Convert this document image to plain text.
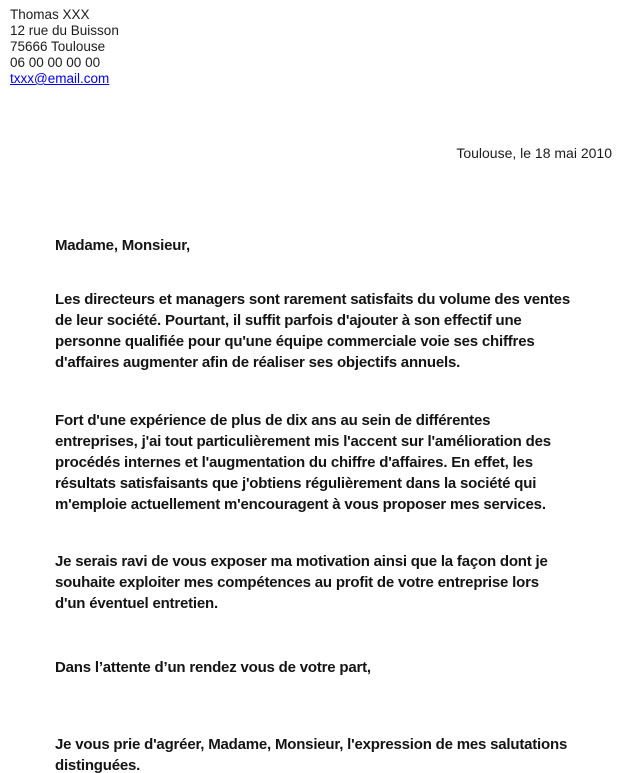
Thomas XXX
12 rue du Buisson
75666 Toulouse
06 00 00 00 00
txxx@email.com
Toulouse, le 18 mai 2010
Madame, Monsieur,
Les directeurs et managers sont rarement satisfaits du volume des ventes
de leur société. Pourtant, il suffit parfois d'ajouter à son effectif une
personne qualifiée pour qu'une équipe commerciale voie ses chiffres
d'affaires augmenter afin de réaliser ses objectifs annuels.
Fort d'une expérience de plus de dix ans au sein de différentes
entreprises, j'ai tout particulièrement mis l'accent sur l'amélioration des
procédés internes et l'augmentation du chiffre d'affaires. En effet, les
résultats satisfaisants que j'obtiens régulièrement dans la société qui
m'emploie actuellement m'encouragent à vous proposer mes services.
Je serais ravi de vous exposer ma motivation ainsi que la façon dont je
souhaite exploiter mes compétences au profit de votre entreprise lors
d'un éventuel entretien.
Dans l’attente d’un rendez vous de votre part,
Je vous prie d'agréer, Madame, Monsieur, l'expression de mes salutations
distinguées.
